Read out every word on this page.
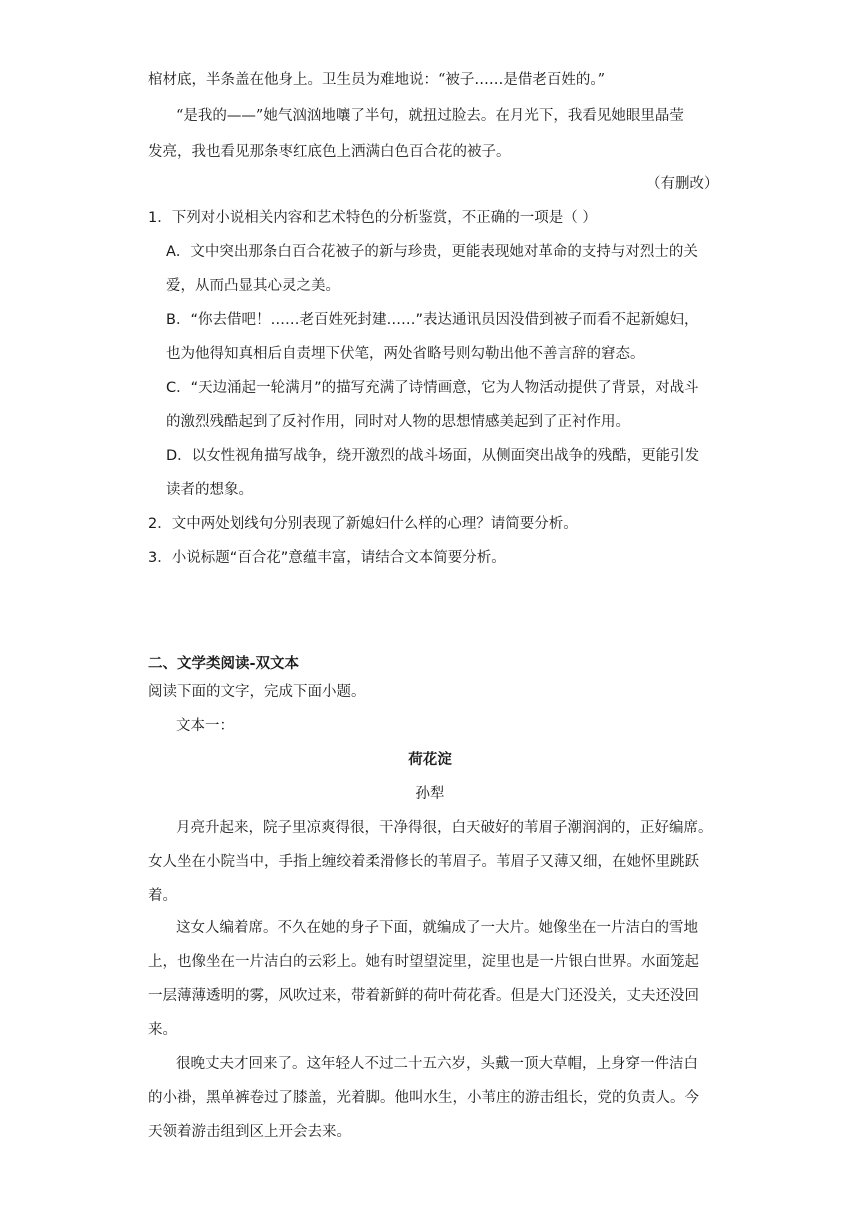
棺材底，半条盖在他身上。卫生员为难地说：“被子……是借老百姓的。”
“是我的——”她气汹汹地嚷了半句，就扭过脸去。在月光下，我看见她眼里晶莹
发亮，我也看见那条枣红底色上洒满白色百合花的被子。
（有删改）
1．下列对小说相关内容和艺术特色的分析鉴赏，不正确的一项是（ ）
A．文中突出那条白百合花被子的新与珍贵，更能表现她对革命的支持与对烈士的关
爱，从而凸显其心灵之美。
B．“你去借吧！……老百姓死封建……”表达通讯员因没借到被子而看不起新媳妇，
也为他得知真相后自责埋下伏笔，两处省略号则勾勒出他不善言辞的窘态。
C．“天边涌起一轮满月”的描写充满了诗情画意，它为人物活动提供了背景，对战斗
的激烈残酷起到了反衬作用，同时对人物的思想情感美起到了正衬作用。
D．以女性视角描写战争，绕开激烈的战斗场面，从侧面突出战争的残酷，更能引发
读者的想象。
2．文中两处划线句分别表现了新媳妇什么样的心理？请简要分析。
3．小说标题“百合花”意蕴丰富，请结合文本简要分析。
二、文学类阅读-双文本
阅读下面的文字，完成下面小题。
文本一：
荷花淀
孙犁
月亮升起来，院子里凉爽得很，干净得很，白天破好的苇眉子潮润润的，正好编席。
女人坐在小院当中，手指上缠绞着柔滑修长的苇眉子。苇眉子又薄又细，在她怀里跳跃
着。
这女人编着席。不久在她的身子下面，就编成了一大片。她像坐在一片洁白的雪地
上，也像坐在一片洁白的云彩上。她有时望望淀里，淀里也是一片银白世界。水面笼起
一层薄薄透明的雾，风吹过来，带着新鲜的荷叶荷花香。但是大门还没关，丈夫还没回
来。
很晚丈夫才回来了。这年轻人不过二十五六岁，头戴一顶大草帽，上身穿一件洁白
的小褂，黑单裤卷过了膝盖，光着脚。他叫水生，小苇庄的游击组长，党的负责人。今
天领着游击组到区上开会去来。
